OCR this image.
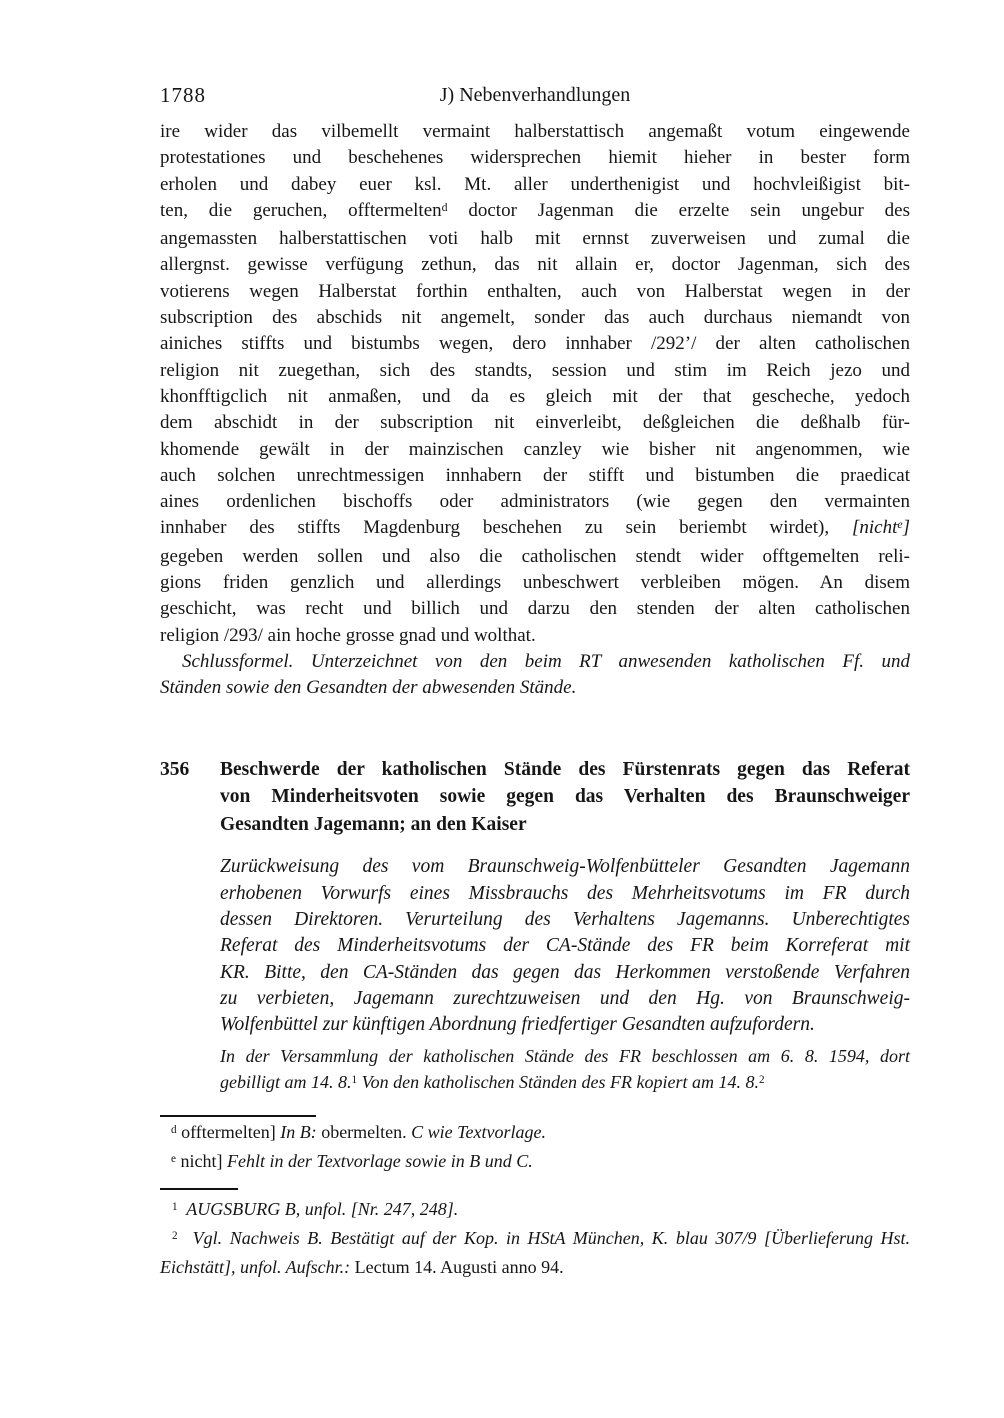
1788	J) Nebenverhandlungen
ire wider das vilbemellt vermaint halberstattisch angemaßt votum eingewende
protestationes und beschehenes widersprechen hiemit hieher in bester form
erholen und dabey euer ksl. Mt. aller underthenigist und hochvleißigist bit-
ten, die geruchen, offtermelten$^d$ doctor Jagenman die erzelte sein ungebur des
angemassten halberstattischen voti halb mit ernnst zuverweisen und zumal die
allergnst. gewisse verfügung zethun, das nit allain er, doctor Jagenman, sich des
votierens wegen Halberstat forthin enthalten, auch von Halberstat wegen in der
subscription des abschids nit angemelt, sonder das auch durchaus niemandt von
ainiches stiffts und bistumbs wegen, dero innhaber /292’/ der alten catholischen
religion nit zuegethan, sich des standts, session und stim im Reich jezo und
khonfftigclich nit anmaßen, und da es gleich mit der that gescheche, yedoch
dem abschidt in der subscription nit einverleibt, deßgleichen die deßhalb für-
khomende gewält in der mainzischen canzley wie bisher nit angenommen, wie
auch solchen unrechtmessigen innhabern der stifft und bistumben die praedicat
aines ordenlichen bischoffs oder administrators (wie gegen den vermainten
innhaber des stiffts Magdenburg beschehen zu sein beriembt wirdet), [nicht$^e$]
gegeben werden sollen und also die catholischen stendt wider offtgemelten reli-
gions friden genzlich und allerdings unbeschwert verbleiben mögen. An disem
geschicht, was recht und billich und darzu den stenden der alten catholischen
religion /293/ ain hoche grosse gnad und wolthat.
Schlussformel. Unterzeichnet von den beim RT anwesenden katholischen Ff. und
Ständen sowie den Gesandten der abwesenden Stände.
356 Beschwerde der katholischen Stände des Fürstenrats gegen das Referat
von Minderheitsvoten sowie gegen das Verhalten des Braunschweiger
Gesandten Jagemann; an den Kaiser
Zurückweisung des vom Braunschweig-Wolfenbütteler Gesandten Jagemann
erhobenen Vorwurfs eines Missbrauchs des Mehrheitsvotums im FR durch
dessen Direktoren. Verurteilung des Verhaltens Jagemanns. Unberechtigtes
Referat des Minderheitsvotums der CA-Stände des FR beim Korreferat mit
KR. Bitte, den CA-Ständen das gegen das Herkommen verstoßende Verfahren
zu verbieten, Jagemann zurechtzuweisen und den Hg. von Braunschweig-
Wolfenbüttel zur künftigen Abordnung friedfertiger Gesandten aufzufordern.
In der Versammlung der katholischen Stände des FR beschlossen am 6. 8. 1594, dort
gebilligt am 14. 8.$^1$ Von den katholischen Ständen des FR kopiert am 14. 8.$^2$
$^d$ offtermelten] In B: obermelten. C wie Textvorlage.
$^e$ nicht] Fehlt in der Textvorlage sowie in B und C.
$^1$  AUGSBURG B, unfol. [Nr. 247, 248].
$^2$  Vgl. Nachweis B. Bestätigt auf der Kop. in HStA München, K. blau 307/9 [Überlieferung Hst.
Eichstätt], unfol. Aufschr.: Lectum 14. Augusti anno 94.
